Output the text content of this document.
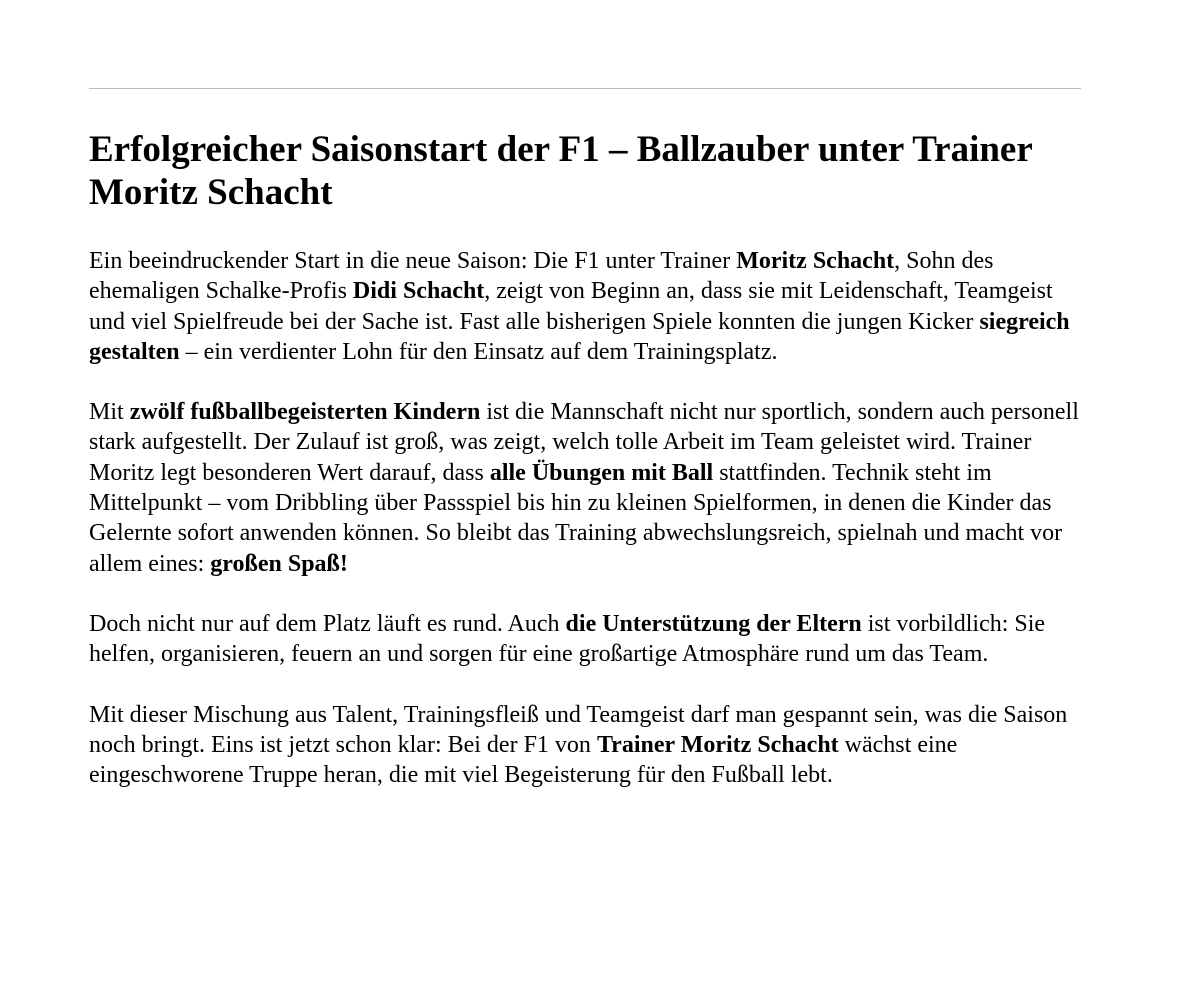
Erfolgreicher Saisonstart der F1 – Ballzauber unter Trainer Moritz Schacht

Ein beeindruckender Start in die neue Saison: Die F1 unter Trainer Moritz Schacht, Sohn des ehemaligen Schalke-Profis Didi Schacht, zeigt von Beginn an, dass sie mit Leidenschaft, Teamgeist und viel Spielfreude bei der Sache ist. Fast alle bisherigen Spiele konnten die jungen Kicker siegreich gestalten – ein verdienter Lohn für den Einsatz auf dem Trainingsplatz.

Mit zwölf fußballbegeisterten Kindern ist die Mannschaft nicht nur sportlich, sondern auch personell stark aufgestellt. Der Zulauf ist groß, was zeigt, welch tolle Arbeit im Team geleistet wird. Trainer Moritz legt besonderen Wert darauf, dass alle Übungen mit Ball stattfinden. Technik steht im Mittelpunkt – vom Dribbling über Passspiel bis hin zu kleinen Spielformen, in denen die Kinder das Gelernte sofort anwenden können. So bleibt das Training abwechslungsreich, spielnah und macht vor allem eines: großen Spaß!

Doch nicht nur auf dem Platz läuft es rund. Auch die Unterstützung der Eltern ist vorbildlich: Sie helfen, organisieren, feuern an und sorgen für eine großartige Atmosphäre rund um das Team.

Mit dieser Mischung aus Talent, Trainingsfleiß und Teamgeist darf man gespannt sein, was die Saison noch bringt. Eins ist jetzt schon klar: Bei der F1 von Trainer Moritz Schacht wächst eine eingeschworene Truppe heran, die mit viel Begeisterung für den Fußball lebt.
